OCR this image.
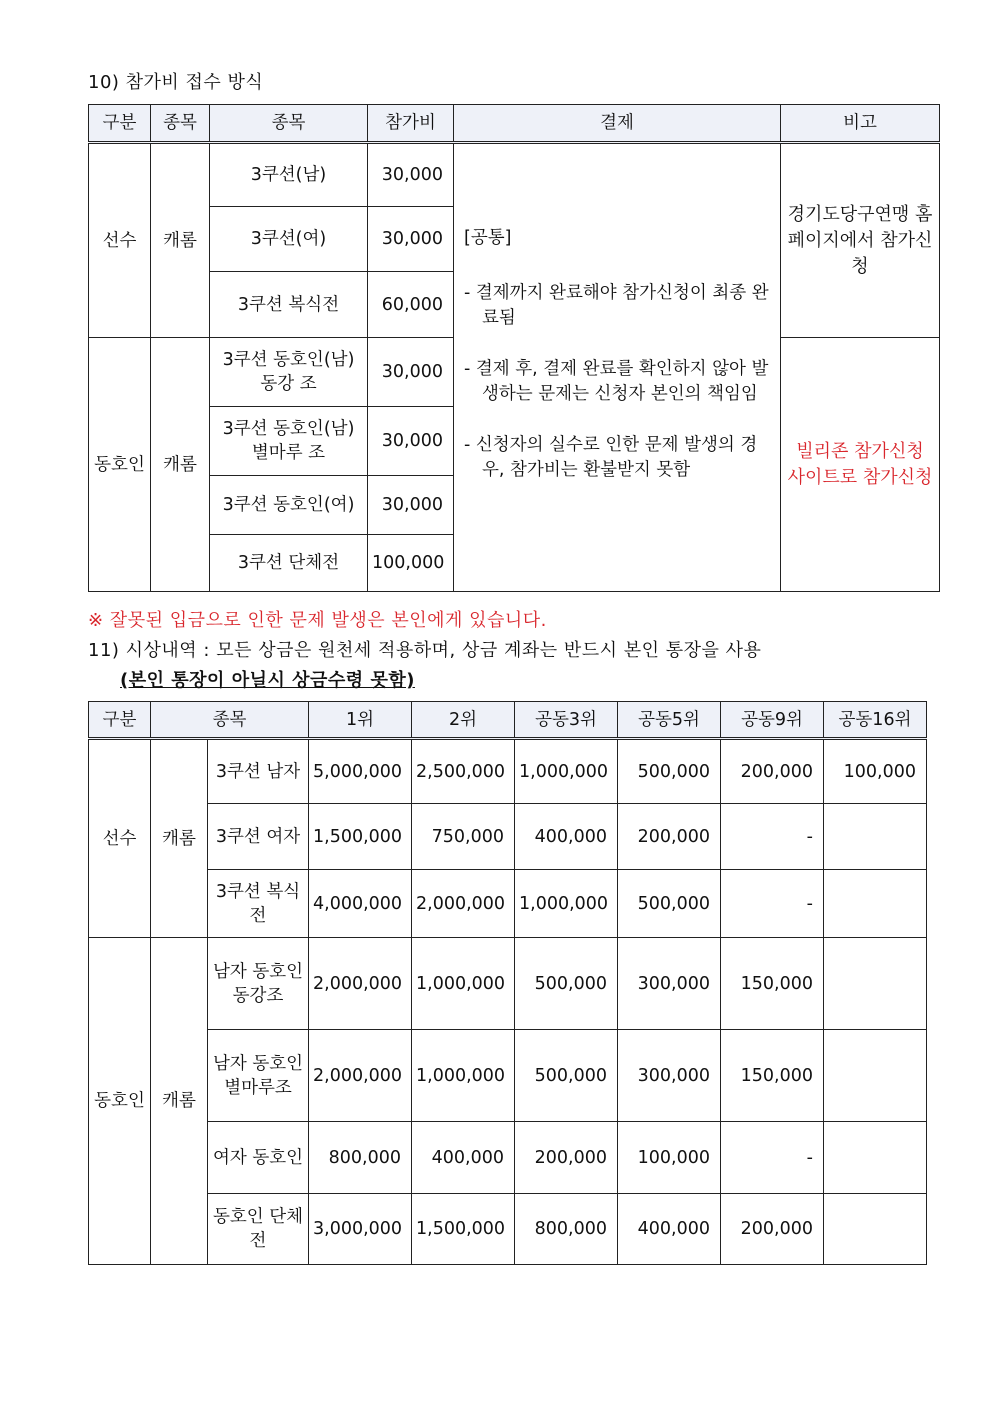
10) 참가비 접수 방식
구분	종목	종목	참가비	결제	비고
선수	캐롬	3쿠션(남)	30,000	[공통]

- 결제까지 완료해야 참가신청이 최종 완료됨

- 결제 후, 결제 완료를 확인하지 않아 발생하는 문제는 신청자 본인의 책임임

- 신청자의 실수로 인한 문제 발생의 경우, 참가비는 환불받지 못함	경기도당구연맹 홈페이지에서 참가신청
		3쿠션(여)	30,000		
		3쿠션 복식전	60,000		
동호인	캐롬	3쿠션 동호인(남) 동강 조	30,000		빌리존 참가신청 사이트로 참가신청
		3쿠션 동호인(남) 별마루 조	30,000		
		3쿠션 동호인(여)	30,000		
		3쿠션 단체전	100,000		
※ 잘못된 입금으로 인한 문제 발생은 본인에게 있습니다.
11) 시상내역 : 모든 상금은 원천세 적용하며, 상금 계좌는 반드시 본인 통장을 사용
(본인 통장이 아닐시 상금수령 못함)
구분	종목		1위	2위	공동3위	공동5위	공동9위	공동16위
선수	캐롬	3쿠션 남자	5,000,000	2,500,000	1,000,000	500,000	200,000	100,000
		3쿠션 여자	1,500,000	750,000	400,000	200,000	-	
		3쿠션 복식전	4,000,000	2,000,000	1,000,000	500,000	-	
동호인	캐롬	남자 동호인 동강조	2,000,000	1,000,000	500,000	300,000	150,000	
		남자 동호인 별마루조	2,000,000	1,000,000	500,000	300,000	150,000	
		여자 동호인	800,000	400,000	200,000	100,000	-	
		동호인 단체전	3,000,000	1,500,000	800,000	400,000	200,000	
